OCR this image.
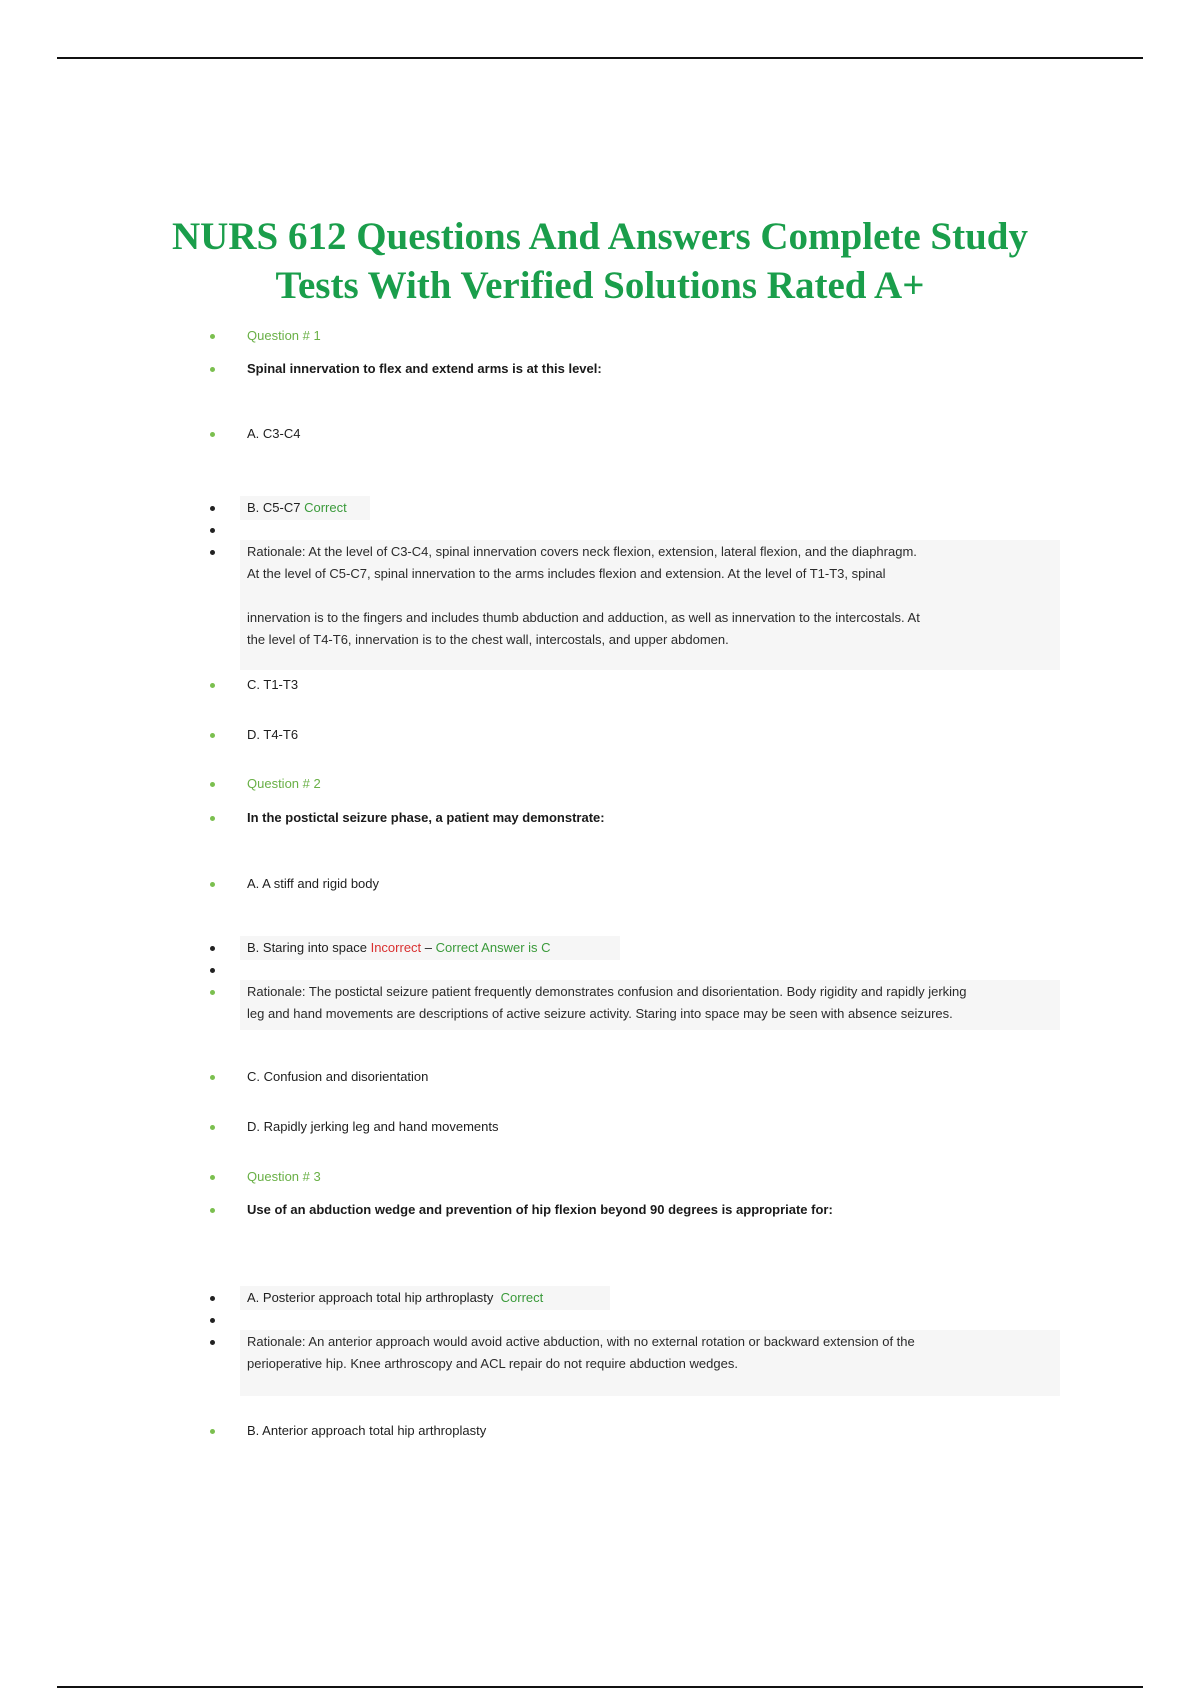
NURS 612 Questions And Answers Complete Study
Tests With Verified Solutions Rated A+
Question # 1
Spinal innervation to flex and extend arms is at this level:
A. C3-C4
B. C5-C7 Correct
Rationale: At the level of C3-C4, spinal innervation covers neck flexion, extension, lateral flexion, and the diaphragm.
At the level of C5-C7, spinal innervation to the arms includes flexion and extension. At the level of T1-T3, spinal

innervation is to the fingers and includes thumb abduction and adduction, as well as innervation to the intercostals. At
the level of T4-T6, innervation is to the chest wall, intercostals, and upper abdomen.
C. T1-T3
D. T4-T6
Question # 2
In the postictal seizure phase, a patient may demonstrate:
A. A stiff and rigid body
B. Staring into space Incorrect – Correct Answer is C
Rationale: The postictal seizure patient frequently demonstrates confusion and disorientation. Body rigidity and rapidly jerking
leg and hand movements are descriptions of active seizure activity. Staring into space may be seen with absence seizures.
C. Confusion and disorientation
D. Rapidly jerking leg and hand movements
Question # 3
Use of an abduction wedge and prevention of hip flexion beyond 90 degrees is appropriate for:
A. Posterior approach total hip arthroplasty Correct
Rationale: An anterior approach would avoid active abduction, with no external rotation or backward extension of the
perioperative hip. Knee arthroscopy and ACL repair do not require abduction wedges.
B. Anterior approach total hip arthroplasty
